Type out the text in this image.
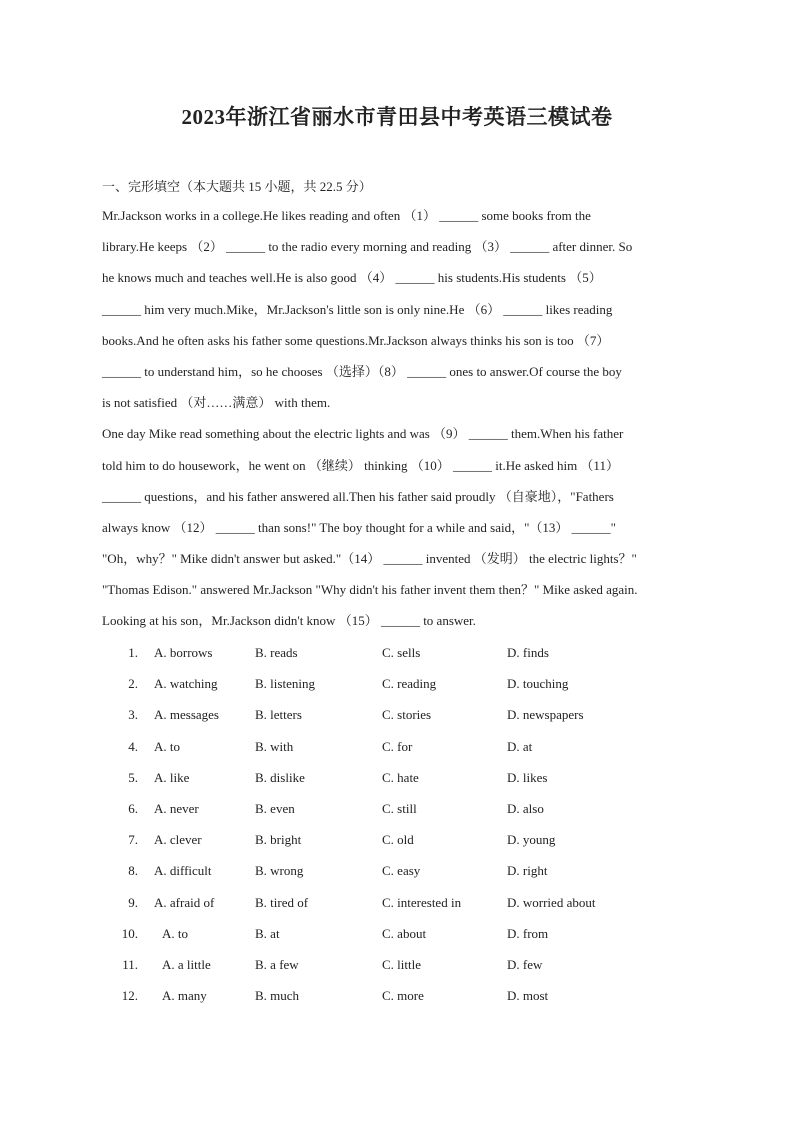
2023年浙江省丽水市青田县中考英语三模试卷
一、完形填空（本大题共 15 小题，共 22.5 分）
Mr.Jackson works in a college.He likes reading and often （1） ______ some books from the
library.He keeps （2） ______ to the radio every morning and reading （3） ______ after dinner. So
he knows much and teaches well.He is also good （4） ______ his students.His students （5）
______ him very much.Mike，Mr.Jackson's little son is only nine.He （6） ______ likes reading
books.And he often asks his father some questions.Mr.Jackson always thinks his son is too （7）
______ to understand him，so he chooses （选择）（8） ______ ones to answer.Of course the boy
is not satisfied （对……满意） with them.
One day Mike read something about the electric lights and was （9） ______ them.When his father
told him to do housework，he went on （继续） thinking （10） ______ it.He asked him （11）
______ questions，and his father answered all.Then his father said proudly （自豪地），"Fathers
always know （12） ______ than sons!" The boy thought for a while and said，"（13） ______"
"Oh，why？" Mike didn't answer but asked."（14） ______ invented （发明） the electric lights？"
"Thomas Edison." answered Mr.Jackson "Why didn't his father invent them then？" Mike asked again.
Looking at his son，Mr.Jackson didn't know （15） ______ to answer.
1. A. borrows	B. reads	C. sells	D. finds
2. A. watching	B. listening	C. reading	D. touching
3. A. messages	B. letters	C. stories	D. newspapers
4. A. to	B. with	C. for	D. at
5. A. like	B. dislike	C. hate	D. likes
6. A. never	B. even	C. still	D. also
7. A. clever	B. bright	C. old	D. young
8. A. difficult	B. wrong	C. easy	D. right
9. A. afraid of	B. tired of	C. interested in	D. worried about
10. A. to	B. at	C. about	D. from
11. A. a little	B. a few	C. little	D. few
12. A. many	B. much	C. more	D. most
